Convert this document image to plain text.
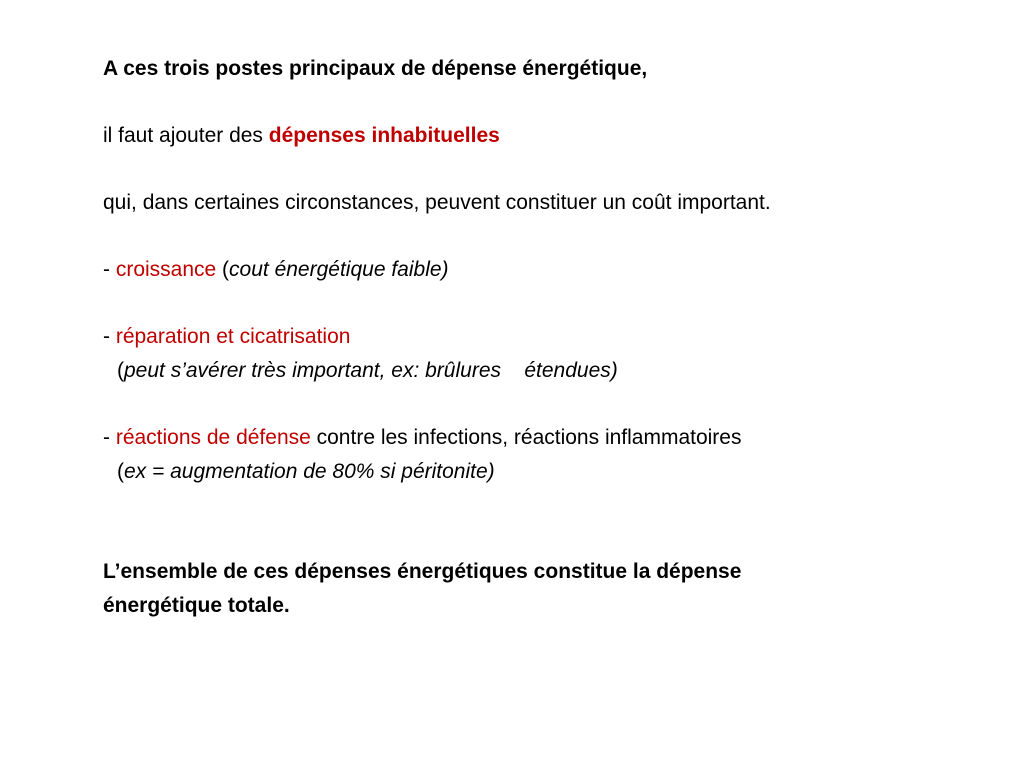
A ces trois postes principaux de dépense énergétique,

il faut ajouter des dépenses inhabituelles

qui, dans certaines circonstances, peuvent constituer un coût important.

- croissance (cout énergétique faible)

- réparation et cicatrisation

(peut s’avérer très important, ex: brûlures    étendues)

- réactions de défense contre les infections, réactions inflammatoires

(ex = augmentation de 80% si péritonite)

L’ensemble de ces dépenses énergétiques constitue la dépense

énergétique totale.
